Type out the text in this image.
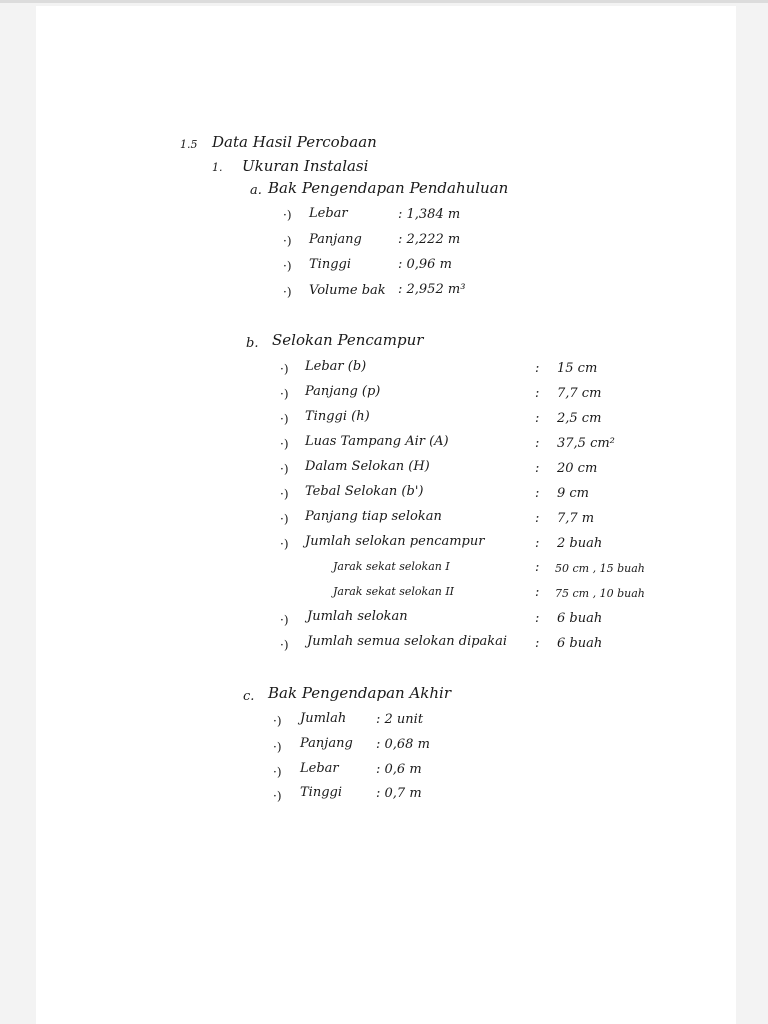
1.5 Data Hasil Percobaan
1. Ukuran Instalasi
a. Bak Pengendapan Pendahuluan
·) Lebar	: 1,384 m
·) Panjang	: 2,222 m
·) Tinggi	: 0,96 m
·) Volume bak : 2,952 m³
b. Selokan Pencampur
·) Lebar (b)	: 15 cm
·) Panjang (p)	: 7,7 cm
·) Tinggi (h)	: 2,5 cm
·) Luas Tampang Air (A)	: 37,5 cm²
·) Dalam Selokan (H)	: 20 cm
·) Tebal Selokan (b')	: 9 cm
·) Panjang tiap selokan	: 7,7 m
·) Jumlah selokan pencampur	: 2 buah
Jarak sekat selokan I	: 50 cm , 15 buah
Jarak sekat selokan II	: 75 cm , 10 buah
·) Jumlah selokan	: 6 buah
·) Jumlah semua selokan dipakai : 6 buah
c. Bak Pengendapan Akhir
·) Jumlah : 2 unit
·) Panjang : 0,68 m
·) Lebar	: 0,6 m
·) Tinggi	: 0,7 m
